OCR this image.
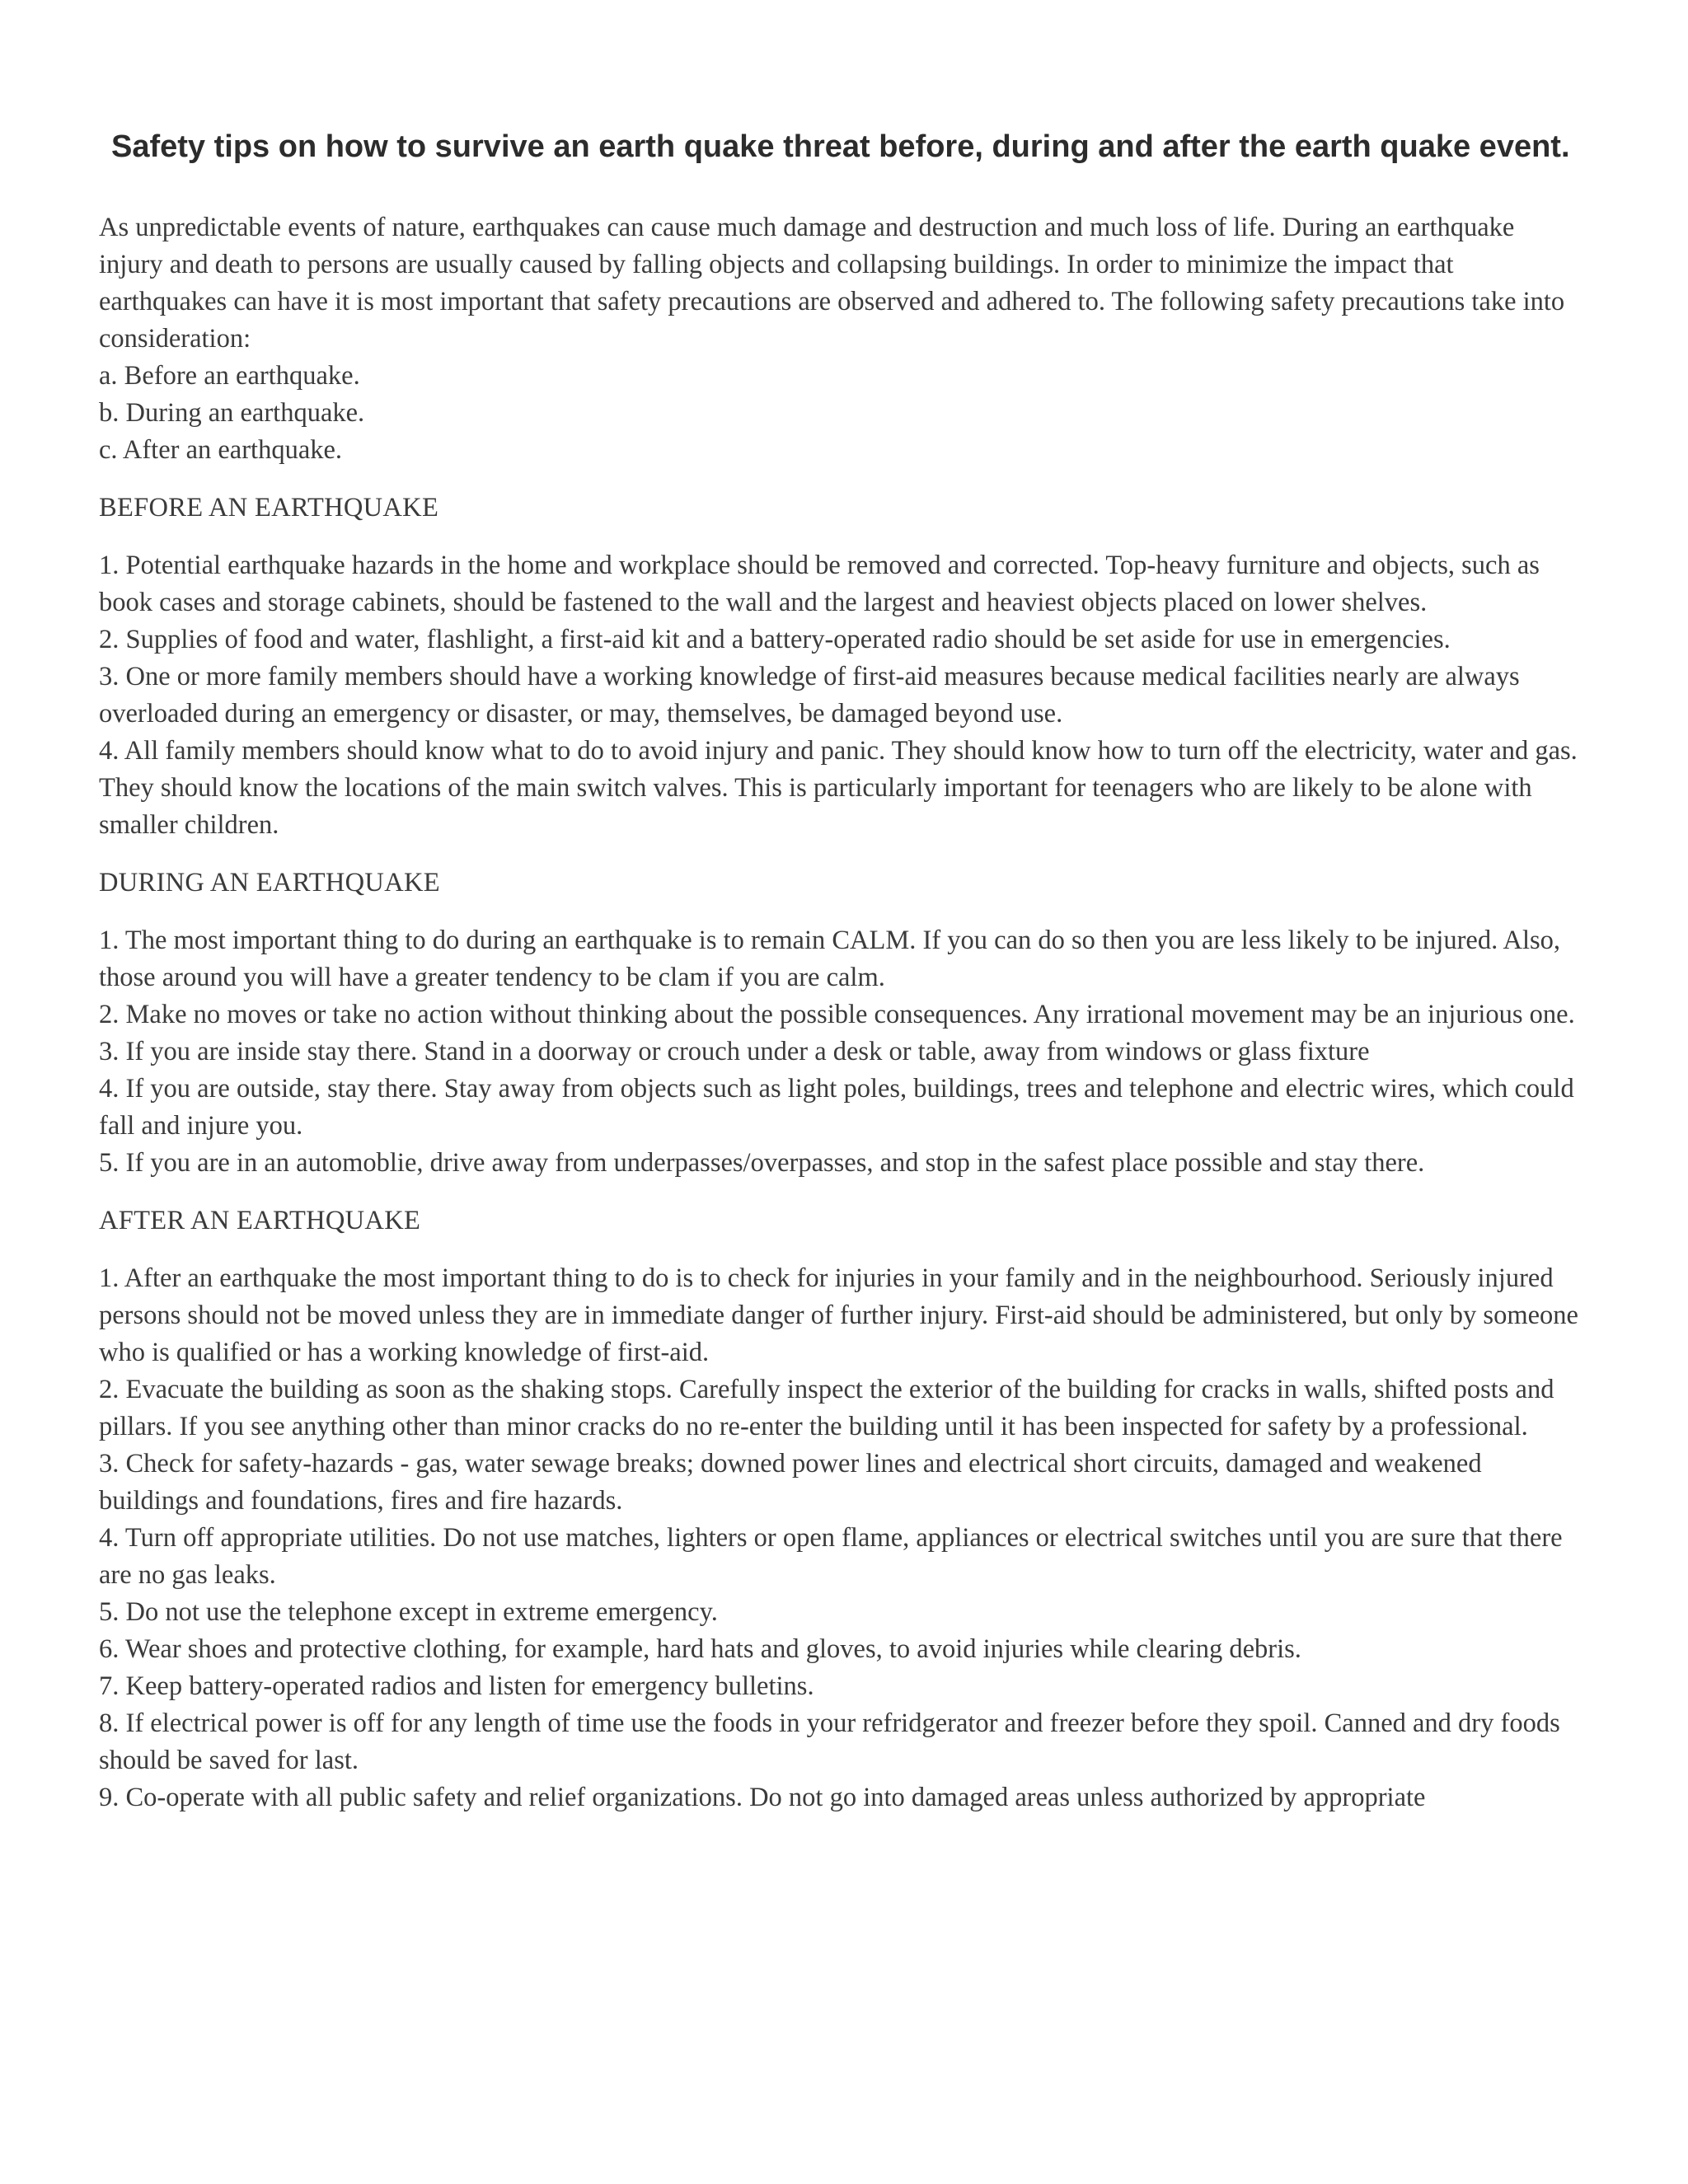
Safety tips on how to survive an earth quake threat before, during and after the earth quake event.

As unpredictable events of nature, earthquakes can cause much damage and destruction and much loss of life. During an earthquake injury and death to persons are usually caused by falling objects and collapsing buildings. In order to minimize the impact that earthquakes can have it is most important that safety precautions are observed and adhered to. The following safety precautions take into consideration:

a. Before an earthquake.
b. During an earthquake.
c. After an earthquake.
BEFORE AN EARTHQUAKE
1. Potential earthquake hazards in the home and workplace should be removed and corrected. Top-heavy furniture and objects, such as book cases and storage cabinets, should be fastened to the wall and the largest and heaviest objects placed on lower shelves.
2. Supplies of food and water, flashlight, a first-aid kit and a battery-operated radio should be set aside for use in emergencies.
3. One or more family members should have a working knowledge of first-aid measures because medical facilities nearly are always overloaded during an emergency or disaster, or may, themselves, be damaged beyond use.
4. All family members should know what to do to avoid injury and panic. They should know how to turn off the electricity, water and gas. They should know the locations of the main switch valves. This is particularly important for teenagers who are likely to be alone with smaller children.
DURING AN EARTHQUAKE
1. The most important thing to do during an earthquake is to remain CALM. If you can do so then you are less likely to be injured. Also, those around you will have a greater tendency to be clam if you are calm.
2. Make no moves or take no action without thinking about the possible consequences. Any irrational movement may be an injurious one.
3. If you are inside stay there. Stand in a doorway or crouch under a desk or table, away from windows or glass fixture
4. If you are outside, stay there. Stay away from objects such as light poles, buildings, trees and telephone and electric wires, which could fall and injure you.
5. If you are in an automoblie, drive away from underpasses/overpasses, and stop in the safest place possible and stay there.
AFTER AN EARTHQUAKE
1. After an earthquake the most important thing to do is to check for injuries in your family and in the neighbourhood. Seriously injured persons should not be moved unless they are in immediate danger of further injury. First-aid should be administered, but only by someone who is qualified or has a working knowledge of first-aid.
2. Evacuate the building as soon as the shaking stops. Carefully inspect the exterior of the building for cracks in walls, shifted posts and pillars. If you see anything other than minor cracks do no re-enter the building until it has been inspected for safety by a professional.
3. Check for safety-hazards - gas, water sewage breaks; downed power lines and electrical short circuits, damaged and weakened buildings and foundations, fires and fire hazards.
4. Turn off appropriate utilities. Do not use matches, lighters or open flame, appliances or electrical switches until you are sure that there are no gas leaks.
5. Do not use the telephone except in extreme emergency.
6. Wear shoes and protective clothing, for example, hard hats and gloves, to avoid injuries while clearing debris.
7. Keep battery-operated radios and listen for emergency bulletins.
8. If electrical power is off for any length of time use the foods in your refridgerator and freezer before they spoil. Canned and dry foods should be saved for last.
9. Co-operate with all public safety and relief organizations. Do not go into damaged areas unless authorized by appropriate
